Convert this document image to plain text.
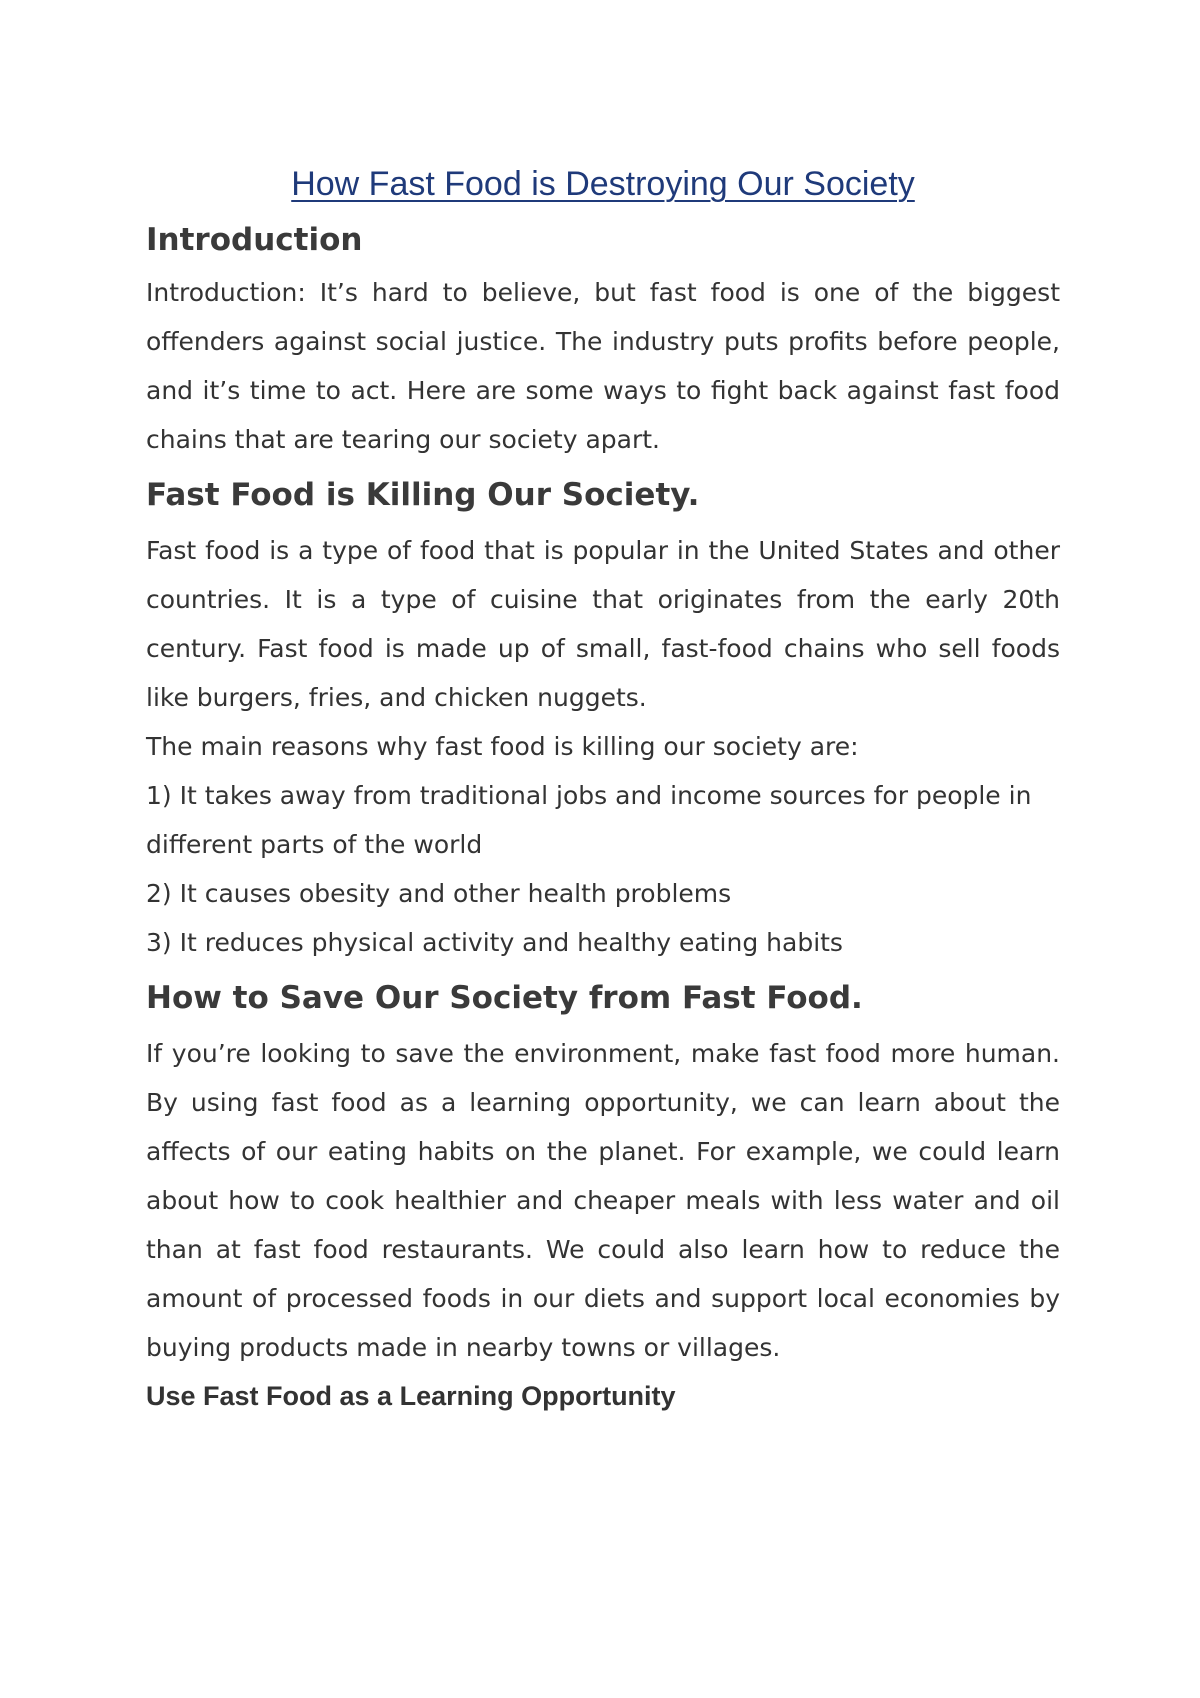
How Fast Food is Destroying Our Society
Introduction

Introduction: It’s hard to believe, but fast food is one of the biggest offenders against social justice. The industry puts profits before people, and it’s time to act. Here are some ways to fight back against fast food chains that are tearing our society apart.

Fast Food is Killing Our Society.

Fast food is a type of food that is popular in the United States and other countries. It is a type of cuisine that originates from the early 20th century. Fast food is made up of small, fast-food chains who sell foods like burgers, fries, and chicken nuggets.

The main reasons why fast food is killing our society are:

1) It takes away from traditional jobs and income sources for people in different parts of the world

2) It causes obesity and other health problems

3) It reduces physical activity and healthy eating habits

How to Save Our Society from Fast Food.

If you’re looking to save the environment, make fast food more human. By using fast food as a learning opportunity, we can learn about the affects of our eating habits on the planet. For example, we could learn about how to cook healthier and cheaper meals with less water and oil than at fast food restaurants. We could also learn how to reduce the amount of processed foods in our diets and support local economies by buying products made in nearby towns or villages.

Use Fast Food as a Learning Opportunity
